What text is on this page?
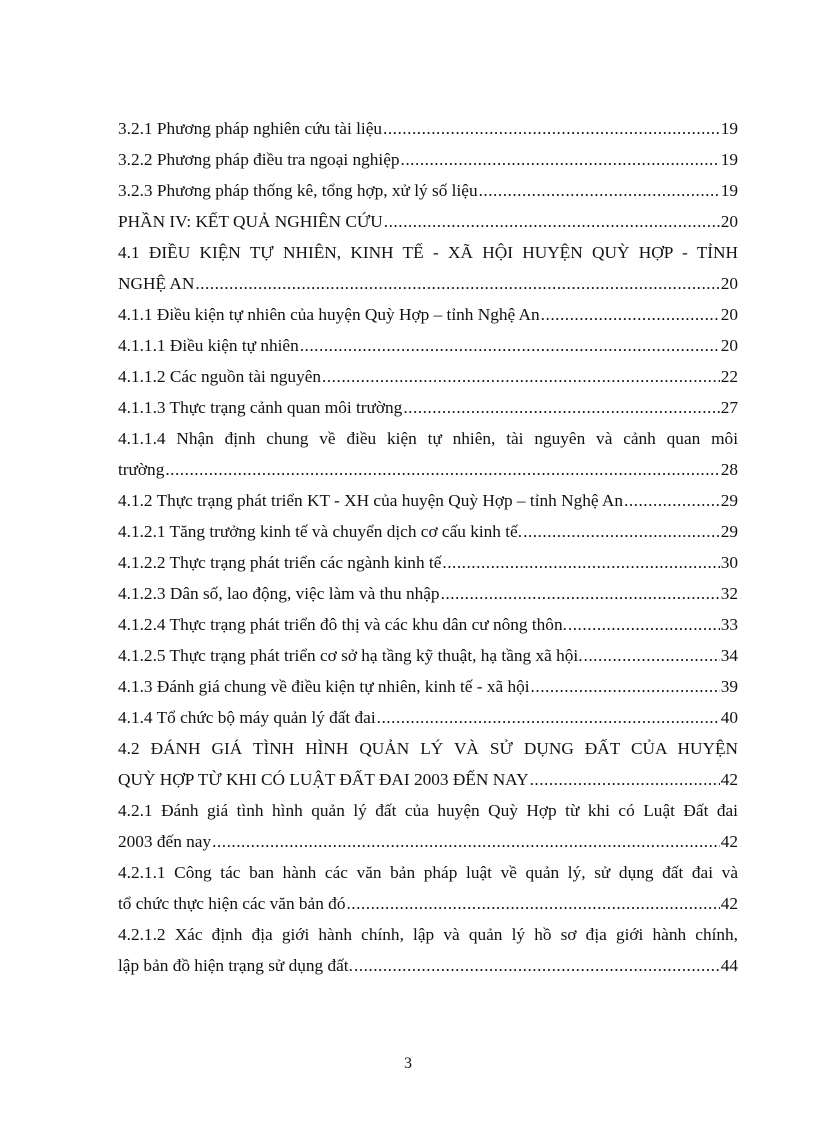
3.2.1 Phương pháp nghiên cứu tài liệu .....	19
3.2.2 Phương pháp điều tra ngoại nghiệp .....	19
3.2.3 Phương pháp thống kê, tổng hợp, xử lý số liệu .....	19
PHẦN IV: KẾT QUẢ NGHIÊN CỨU .....	20
4.1 ĐIỀU KIỆN TỰ NHIÊN, KINH TẾ - XÃ HỘI HUYỆN QUỲ HỢP - TỈNH
NGHỆ AN .....	20
4.1.1 Điều kiện tự nhiên của huyện Quỳ Hợp – tỉnh Nghệ An .....	20
4.1.1.1 Điều kiện tự nhiên .....	20
4.1.1.2 Các nguồn tài nguyên .....	22
4.1.1.3 Thực trạng cảnh quan môi trường .....	27
4.1.1.4 Nhận định chung về điều kiện tự nhiên, tài nguyên và cảnh quan môi
trường .....	28
4.1.2 Thực trạng phát triển KT - XH của huyện Quỳ Hợp – tỉnh Nghệ An .....	29
4.1.2.1 Tăng trưởng kinh tế và chuyển dịch cơ cấu kinh tế. .....	29
4.1.2.2 Thực trạng phát triển các ngành kinh tế .....	30
4.1.2.3 Dân số, lao động, việc làm và thu nhập .....	32
4.1.2.4 Thực trạng phát triển đô thị và các khu dân cư nông thôn. .....	33
4.1.2.5 Thực trạng phát triển cơ sở hạ tầng kỹ thuật, hạ tầng xã hội. .....	34
4.1.3 Đánh giá chung về điều kiện tự nhiên, kinh tế - xã hội .....	39
4.1.4 Tổ chức bộ máy quản lý đất đai .....	40
4.2 ĐÁNH GIÁ TÌNH HÌNH QUẢN LÝ VÀ SỬ DỤNG ĐẤT CỦA HUYỆN
QUỲ HỢP TỪ KHI CÓ LUẬT ĐẤT ĐAI 2003 ĐẾN NAY .....	42
4.2.1 Đánh giá tình hình quản lý đất của huyện Quỳ Hợp từ khi có Luật Đất đai
2003 đến nay .....	42
4.2.1.1 Công tác ban hành các văn bản pháp luật về quản lý, sử dụng đất đai và
tổ chức thực hiện các văn bản đó .....	42
4.2.1.2 Xác định địa giới hành chính, lập và quản lý hồ sơ địa giới hành chính,
lập bản đồ hiện trạng sử dụng đất. .....	44
3
